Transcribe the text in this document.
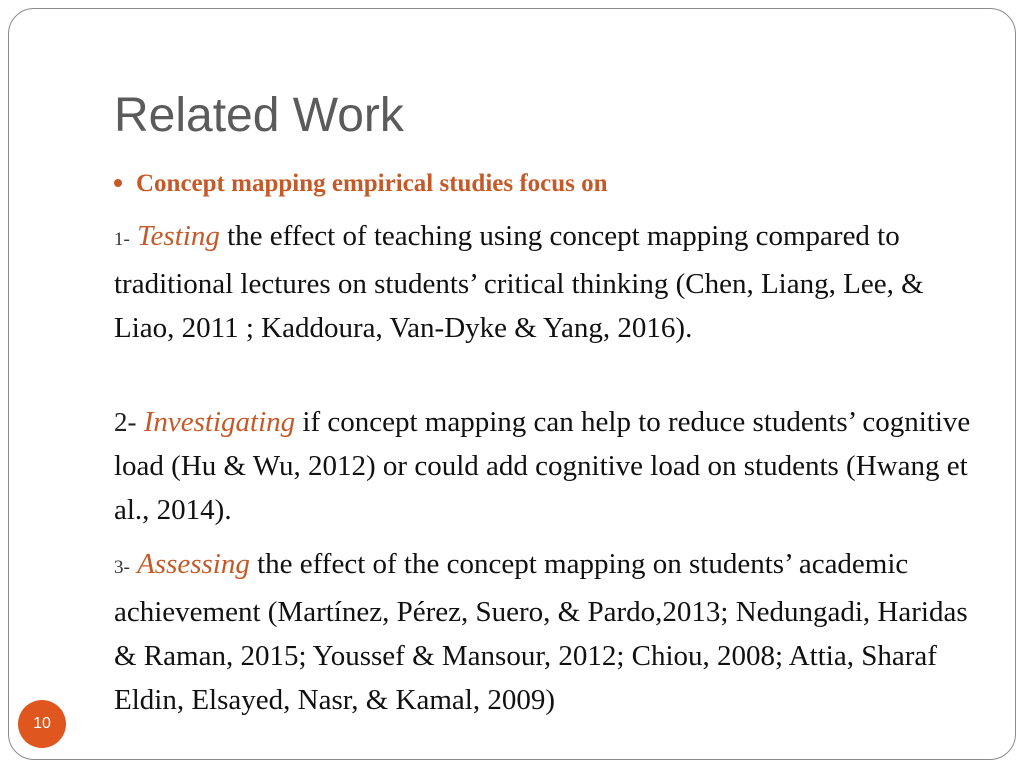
Related Work
Concept mapping empirical studies focus on

1- Testing the effect of teaching using concept mapping compared to traditional lectures on students’ critical thinking (Chen, Liang, Lee, & Liao, 2011 ; Kaddoura, Van-Dyke & Yang, 2016).

2- Investigating if concept mapping can help to reduce students’ cognitive load (Hu & Wu, 2012) or could add cognitive load on students (Hwang et al., 2014).

3- Assessing the effect of the concept mapping on students’ academic achievement (Martínez, Pérez, Suero, & Pardo,2013; Nedungadi, Haridas & Raman, 2015; Youssef & Mansour, 2012; Chiou, 2008; Attia, Sharaf Eldin, Elsayed, Nasr, & Kamal, 2009)

10
